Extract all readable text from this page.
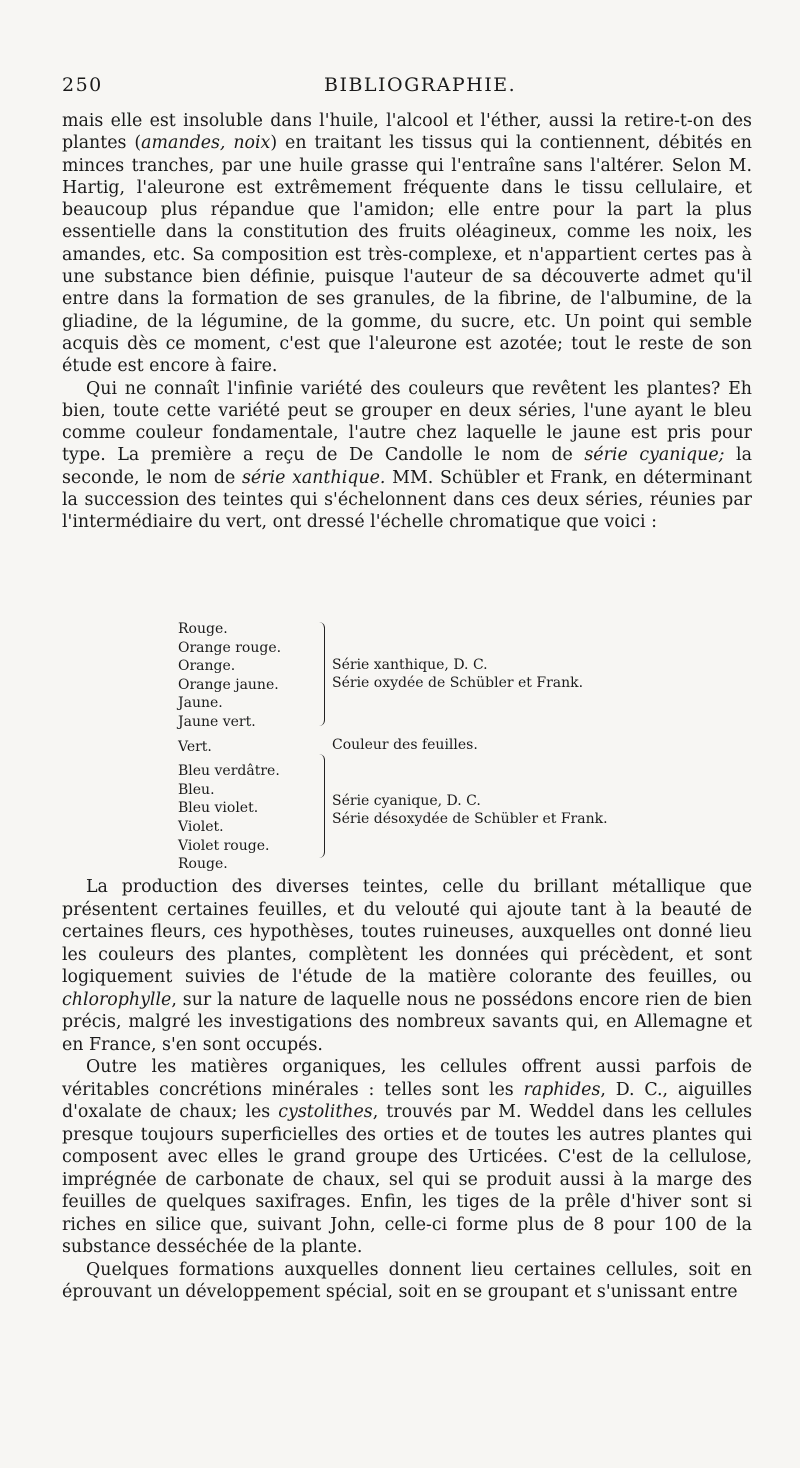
250	BIBLIOGRAPHIE.

mais elle est insoluble dans l'huile, l'alcool et l'éther, aussi la retire-t-on des plantes (amandes, noix) en traitant les tissus qui la contiennent, débités en minces tranches, par une huile grasse qui l'entraîne sans l'altérer. Selon M. Hartig, l'aleurone est extrêmement fréquente dans le tissu cellulaire, et beaucoup plus répandue que l'amidon; elle entre pour la part la plus essentielle dans la constitution des fruits oléagineux, comme les noix, les amandes, etc. Sa composition est très-complexe, et n'appartient certes pas à une substance bien définie, puisque l'auteur de sa découverte admet qu'il entre dans la formation de ses granules, de la fibrine, de l'albumine, de la gliadine, de la légumine, de la gomme, du sucre, etc. Un point qui semble acquis dès ce moment, c'est que l'aleurone est azotée; tout le reste de son étude est encore à faire.

Qui ne connaît l'infinie variété des couleurs que revêtent les plantes? Eh bien, toute cette variété peut se grouper en deux séries, l'une ayant le bleu comme couleur fondamentale, l'autre chez laquelle le jaune est pris pour type. La première a reçu de De Candolle le nom de série cyanique; la seconde, le nom de série xanthique. MM. Schübler et Frank, en déterminant la succession des teintes qui s'échelonnent dans ces deux séries, réunies par l'intermédiaire du vert, ont dressé l'échelle chromatique que voici :

Rouge.
Orange rouge.
Orange.
Orange jaune.
Jaune.
Jaune vert.
Vert.
Bleu verdâtre.
Bleu.
Bleu violet.
Violet.
Violet rouge.
Rouge.
Série xanthique, D. C.
Série oxydée de Schübler et Frank.
Couleur des feuilles.
Série cyanique, D. C.
Série désoxydée de Schübler et Frank.

La production des diverses teintes, celle du brillant métallique que présentent certaines feuilles, et du velouté qui ajoute tant à la beauté de certaines fleurs, ces hypothèses, toutes ruineuses, auxquelles ont donné lieu les couleurs des plantes, complètent les données qui précèdent, et sont logiquement suivies de l'étude de la matière colorante des feuilles, ou chlorophylle, sur la nature de laquelle nous ne possédons encore rien de bien précis, malgré les investigations des nombreux savants qui, en Allemagne et en France, s'en sont occupés.

Outre les matières organiques, les cellules offrent aussi parfois de véritables concrétions minérales : telles sont les raphides, D. C., aiguilles d'oxalate de chaux; les cystolithes, trouvés par M. Weddel dans les cellules presque toujours superficielles des orties et de toutes les autres plantes qui composent avec elles le grand groupe des Urticées. C'est de la cellulose, imprégnée de carbonate de chaux, sel qui se produit aussi à la marge des feuilles de quelques saxifrages. Enfin, les tiges de la prêle d'hiver sont si riches en silice que, suivant John, celle-ci forme plus de 8 pour 100 de la substance desséchée de la plante.

Quelques formations auxquelles donnent lieu certaines cellules, soit en éprouvant un développement spécial, soit en se groupant et s'unissant entre
